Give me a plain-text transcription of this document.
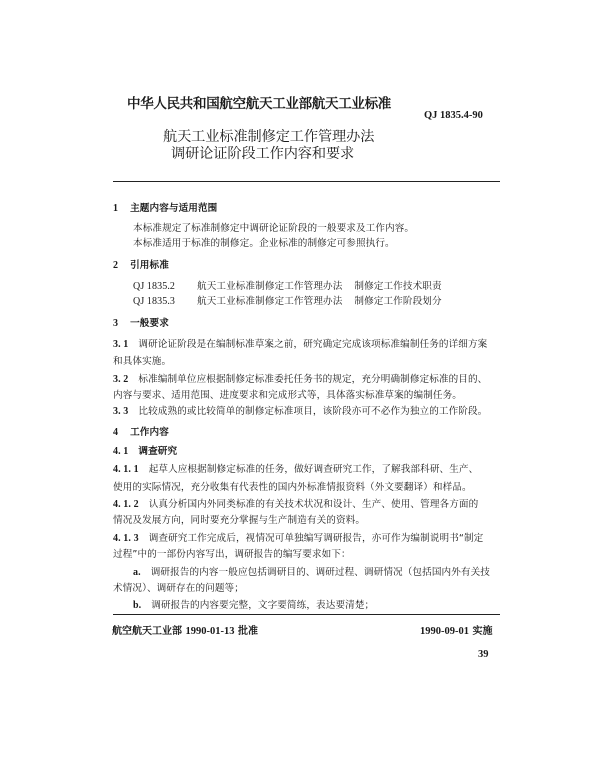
中华人民共和国航空航天工业部航天工业标准
QJ 1835.4-90
航天工业标准制修定工作管理办法
调研论证阶段工作内容和要求
1 主题内容与适用范围
本标准规定了标准制修定中调研论证阶段的一般要求及工作内容。
本标准适用于标准的制修定。企业标准的制修定可参照执行。
2 引用标准
QJ 1835.2 航天工业标准制修定工作管理办法 制修定工作技术职责
QJ 1835.3 航天工业标准制修定工作管理办法 制修定工作阶段划分
3 一般要求
3. 1 调研论证阶段是在编制标准草案之前，研究确定完成该项标准编制任务的详细方案
和具体实施。
3. 2 标准编制单位应根据制修定标准委托任务书的规定，充分明确制修定标准的目的、
内容与要求、适用范围、进度要求和完成形式等，具体落实标准草案的编制任务。
3. 3 比较成熟的或比较简单的制修定标准项目，该阶段亦可不必作为独立的工作阶段。
4 工作内容
4. 1 调查研究
4. 1. 1 起草人应根据制修定标准的任务，做好调查研究工作，了解我部科研、生产、
使用的实际情况，充分收集有代表性的国内外标准情报资料（外文要翻译）和样品。
4. 1. 2 认真分析国内外同类标准的有关技术状况和设计、生产、使用、管理各方面的
情况及发展方向，同时要充分掌握与生产制造有关的资料。
4. 1. 3 调查研究工作完成后，视情况可单独编写调研报告，亦可作为编制说明书“制定
过程”中的一部份内容写出，调研报告的编写要求如下：
a. 调研报告的内容一般应包括调研目的、调研过程、调研情况（包括国内外有关技
术情况）、调研存在的问题等；
b. 调研报告的内容要完整，文字要简练，表达要清楚；
航空航天工业部 1990-01-13 批准	1990-09-01 实施
39
